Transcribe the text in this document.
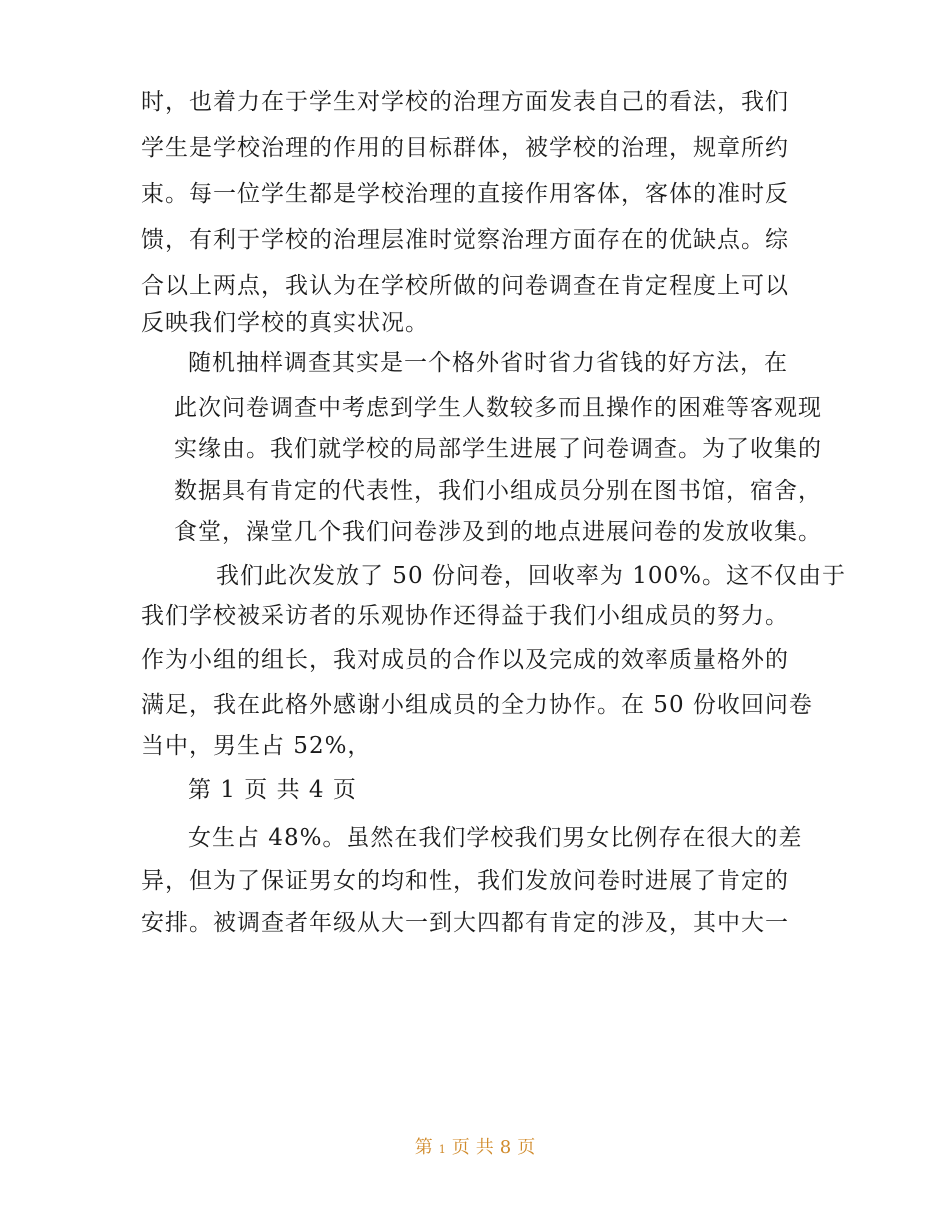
时，也着力在于学生对学校的治理方面发表自己的看法，我们
学生是学校治理的作用的目标群体，被学校的治理，规章所约
束。每一位学生都是学校治理的直接作用客体，客体的准时反
馈，有利于学校的治理层准时觉察治理方面存在的优缺点。综
合以上两点，我认为在学校所做的问卷调查在肯定程度上可以
反映我们学校的真实状况。
随机抽样调查其实是一个格外省时省力省钱的好方法，在
此次问卷调查中考虑到学生人数较多而且操作的困难等客观现
实缘由。我们就学校的局部学生进展了问卷调查。为了收集的
数据具有肯定的代表性，我们小组成员分别在图书馆，宿舍，
食堂，澡堂几个我们问卷涉及到的地点进展问卷的发放收集。
我们此次发放了 50 份问卷，回收率为 100%。这不仅由于
我们学校被采访者的乐观协作还得益于我们小组成员的努力。
作为小组的组长，我对成员的合作以及完成的效率质量格外的
满足，我在此格外感谢小组成员的全力协作。在 50 份收回问卷
当中，男生占 52%，
第 1 页 共 4 页
女生占 48%。虽然在我们学校我们男女比例存在很大的差
异，但为了保证男女的均和性，我们发放问卷时进展了肯定的
安排。被调查者年级从大一到大四都有肯定的涉及，其中大一
第 1 页 共 8 页
